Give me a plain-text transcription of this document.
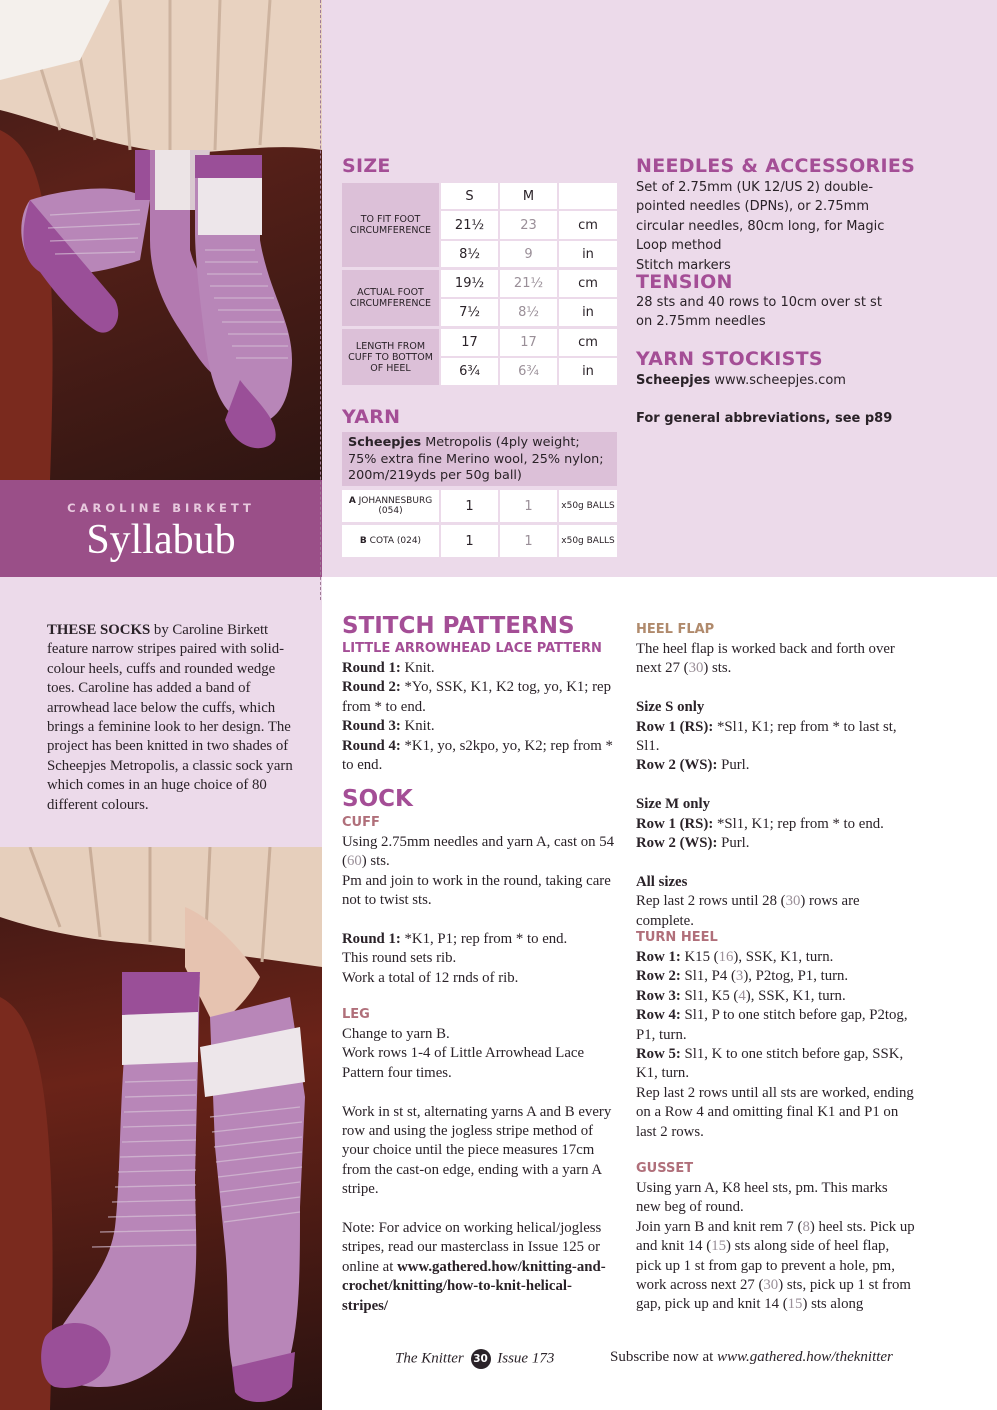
CAROLINE BIRKETT
Syllabub
THESE SOCKS by Caroline Birkett feature narrow stripes paired with solid-colour heels, cuffs and rounded wedge toes. Caroline has added a band of arrowhead lace below the cuffs, which brings a feminine look to her design. The project has been knitted in two shades of Scheepjes Metropolis, a classic sock yarn which comes in an huge choice of 80 different colours.
SIZE
S	M
TO FIT FOOT CIRCUMFERENCE	21½	23	cm
8½	9	in
ACTUAL FOOT CIRCUMFERENCE
19½	21½	cm
7½	8½	in
LENGTH FROM CUFF TO BOTTOM OF HEEL
17	17	cm
6¾	6¾	in
YARN
Scheepjes Metropolis (4ply weight; 75% extra fine Merino wool, 25% nylon; 200m/219yds per 50g ball)
A JOHANNESBURG (054)	1	1	x50g BALLS
B COTA (024)	1	1	x50g BALLS
NEEDLES & ACCESSORIES
Set of 2.75mm (UK 12/US 2) double-pointed needles (DPNs), or 2.75mm circular needles, 80cm long, for Magic Loop method
Stitch markers
TENSION
28 sts and 40 rows to 10cm over st st on 2.75mm needles
YARN STOCKISTS
Scheepjes www.scheepjes.com
For general abbreviations, see p89
STITCH PATTERNS
LITTLE ARROWHEAD LACE PATTERN
Round 1: Knit.
Round 2: *Yo, SSK, K1, K2 tog, yo, K1; rep from * to end.
Round 3: Knit.
Round 4: *K1, yo, s2kpo, yo, K2; rep from * to end.
SOCK
CUFF
Using 2.75mm needles and yarn A, cast on 54 (60) sts.
Pm and join to work in the round, taking care not to twist sts.
Round 1: *K1, P1; rep from * to end.
This round sets rib.
Work a total of 12 rnds of rib.
LEG
Change to yarn B.
Work rows 1-4 of Little Arrowhead Lace Pattern four times.
Work in st st, alternating yarns A and B every row and using the jogless stripe method of your choice until the piece measures 17cm from the cast-on edge, ending with a yarn A stripe.
Note: For advice on working helical/jogless stripes, read our masterclass in Issue 125 or online at www.gathered.how/knitting-and-crochet/knitting/how-to-knit-helical-stripes/
HEEL FLAP
The heel flap is worked back and forth over next 27 (30) sts.
Size S only
Row 1 (RS): *Sl1, K1; rep from * to last st, Sl1.
Row 2 (WS): Purl.
Size M only
Row 1 (RS): *Sl1, K1; rep from * to end.
Row 2 (WS): Purl.
All sizes
Rep last 2 rows until 28 (30) rows are complete.
TURN HEEL
Row 1: K15 (16), SSK, K1, turn.
Row 2: Sl1, P4 (3), P2tog, P1, turn.
Row 3: Sl1, K5 (4), SSK, K1, turn.
Row 4: Sl1, P to one stitch before gap, P2tog, P1, turn.
Row 5: Sl1, K to one stitch before gap, SSK, K1, turn.
Rep last 2 rows until all sts are worked, ending on a Row 4 and omitting final K1 and P1 on last 2 rows.
GUSSET
Using yarn A, K8 heel sts, pm. This marks new beg of round.
Join yarn B and knit rem 7 (8) heel sts. Pick up and knit 14 (15) sts along side of heel flap, pick up 1 st from gap to prevent a hole, pm, work across next 27 (30) sts, pick up 1 st from gap, pick up and knit 14 (15) sts along
The Knitter 30 Issue 173	Subscribe now at www.gathered.how/theknitter
